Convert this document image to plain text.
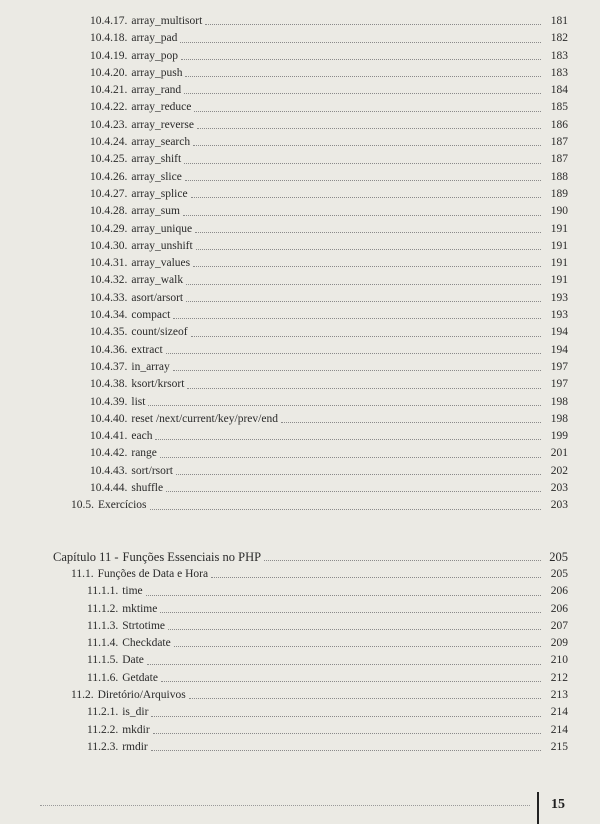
10.4.17. array_multisort	181
10.4.18. array_pad	182
10.4.19. array_pop	183
10.4.20. array_push	183
10.4.21. array_rand	184
10.4.22. array_reduce	185
10.4.23. array_reverse	186
10.4.24. array_search	187
10.4.25. array_shift	187
10.4.26. array_slice	188
10.4.27. array_splice	189
10.4.28. array_sum	190
10.4.29. array_unique	191
10.4.30. array_unshift	191
10.4.31. array_values	191
10.4.32. array_walk	191
10.4.33. asort/arsort	193
10.4.34. compact	193
10.4.35. count/sizeof	194
10.4.36. extract	194
10.4.37. in_array	197
10.4.38. ksort/krsort	197
10.4.39. list	198
10.4.40. reset /next/current/key/prev/end	198
10.4.41. each	199
10.4.42. range	201
10.4.43. sort/rsort	202
10.4.44. shuffle	203
10.5. Exercícios	203
Capítulo 11 - Funções Essenciais no PHP	205
11.1. Funções de Data e Hora	205
11.1.1. time	206
11.1.2. mktime	206
11.1.3. Strtotime	207
11.1.4. Checkdate	209
11.1.5. Date	210
11.1.6. Getdate	212
11.2. Diretório/Arquivos	213
11.2.1. is_dir	214
11.2.2. mkdir	214
11.2.3. rmdir	215
15
